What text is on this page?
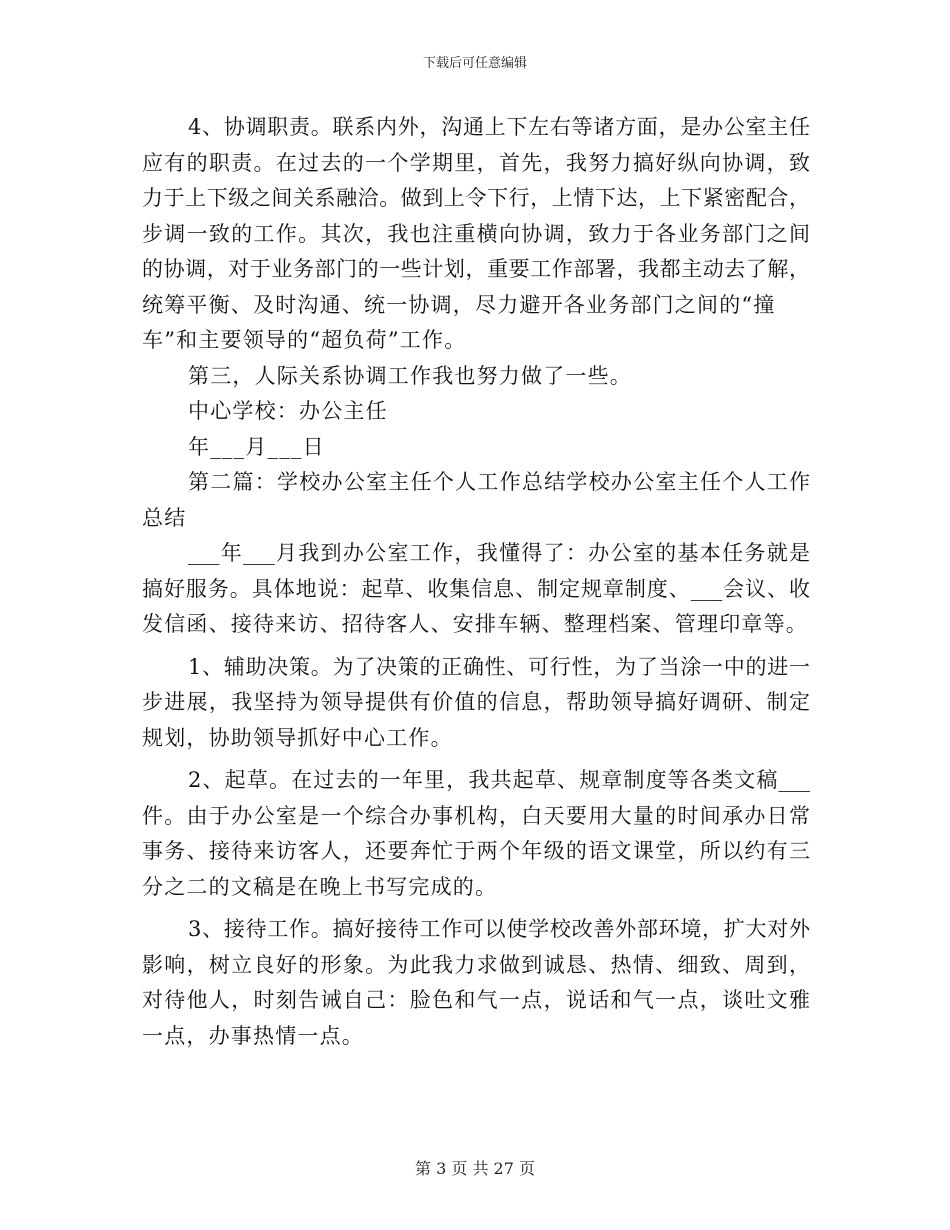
下载后可任意编辑
4、协调职责。联系内外，沟通上下左右等诸方面，是办公室主任
应有的职责。在过去的一个学期里，首先，我努力搞好纵向协调，致
力于上下级之间关系融洽。做到上令下行，上情下达，上下紧密配合，
步调一致的工作。其次，我也注重横向协调，致力于各业务部门之间
的协调，对于业务部门的一些计划，重要工作部署，我都主动去了解，
统筹平衡、及时沟通、统一协调，尽力避开各业务部门之间的“撞
车”和主要领导的“超负荷”工作。
第三，人际关系协调工作我也努力做了一些。
中心学校：办公主任
年___月___日
第二篇：学校办公室主任个人工作总结学校办公室主任个人工作
总结
___年___月我到办公室工作，我懂得了：办公室的基本任务就是
搞好服务。具体地说：起草、收集信息、制定规章制度、___会议、收
发信函、接待来访、招待客人、安排车辆、整理档案、管理印章等。
1、辅助决策。为了决策的正确性、可行性，为了当涂一中的进一
步进展，我坚持为领导提供有价值的信息，帮助领导搞好调研、制定
规划，协助领导抓好中心工作。
2、起草。在过去的一年里，我共起草、规章制度等各类文稿___
件。由于办公室是一个综合办事机构，白天要用大量的时间承办日常
事务、接待来访客人，还要奔忙于两个年级的语文课堂，所以约有三
分之二的文稿是在晚上书写完成的。
3、接待工作。搞好接待工作可以使学校改善外部环境，扩大对外
影响，树立良好的形象。为此我力求做到诚恳、热情、细致、周到，
对待他人，时刻告诫自己：脸色和气一点，说话和气一点，谈吐文雅
一点，办事热情一点。
第 3 页 共 27 页
